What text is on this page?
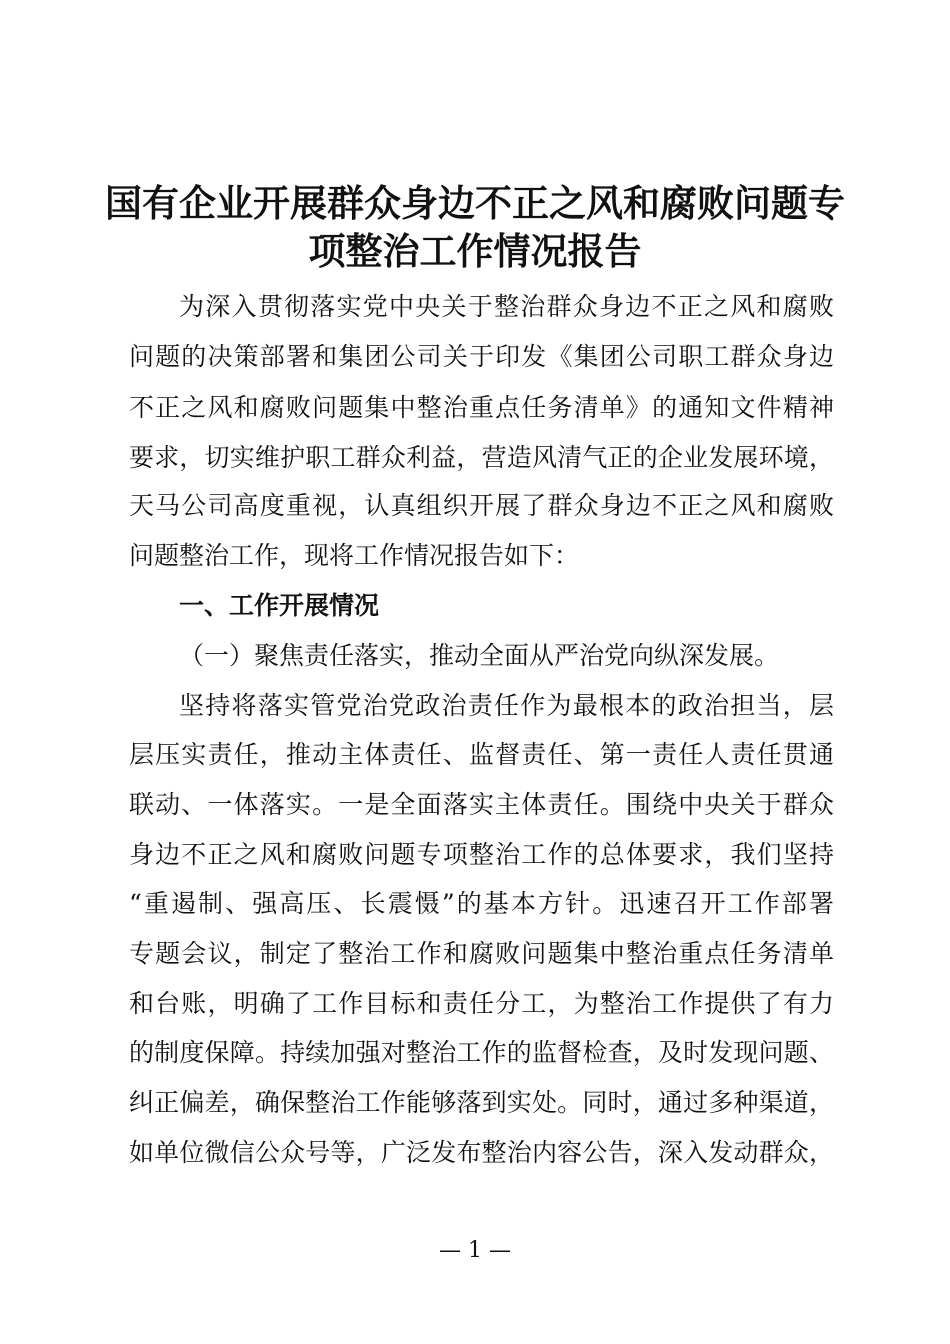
国有企业开展群众身边不正之风和腐败问题专
项整治工作情况报告
为深入贯彻落实党中央关于整治群众身边不正之风和腐败
问题的决策部署和集团公司关于印发《集团公司职工群众身边
不正之风和腐败问题集中整治重点任务清单》的通知文件精神
要求，切实维护职工群众利益，营造风清气正的企业发展环境，
天马公司高度重视，认真组织开展了群众身边不正之风和腐败
问题整治工作，现将工作情况报告如下：
一、工作开展情况
（一）聚焦责任落实，推动全面从严治党向纵深发展。
坚持将落实管党治党政治责任作为最根本的政治担当，层
层压实责任，推动主体责任、监督责任、第一责任人责任贯通
联动、一体落实。一是全面落实主体责任。围绕中央关于群众
身边不正之风和腐败问题专项整治工作的总体要求，我们坚持
“重遏制、强高压、长震慑”的基本方针。迅速召开工作部署
专题会议，制定了整治工作和腐败问题集中整治重点任务清单
和台账，明确了工作目标和责任分工，为整治工作提供了有力
的制度保障。持续加强对整治工作的监督检查，及时发现问题、
纠正偏差，确保整治工作能够落到实处。同时，通过多种渠道，
如单位微信公众号等，广泛发布整治内容公告，深入发动群众，
— 1 —
